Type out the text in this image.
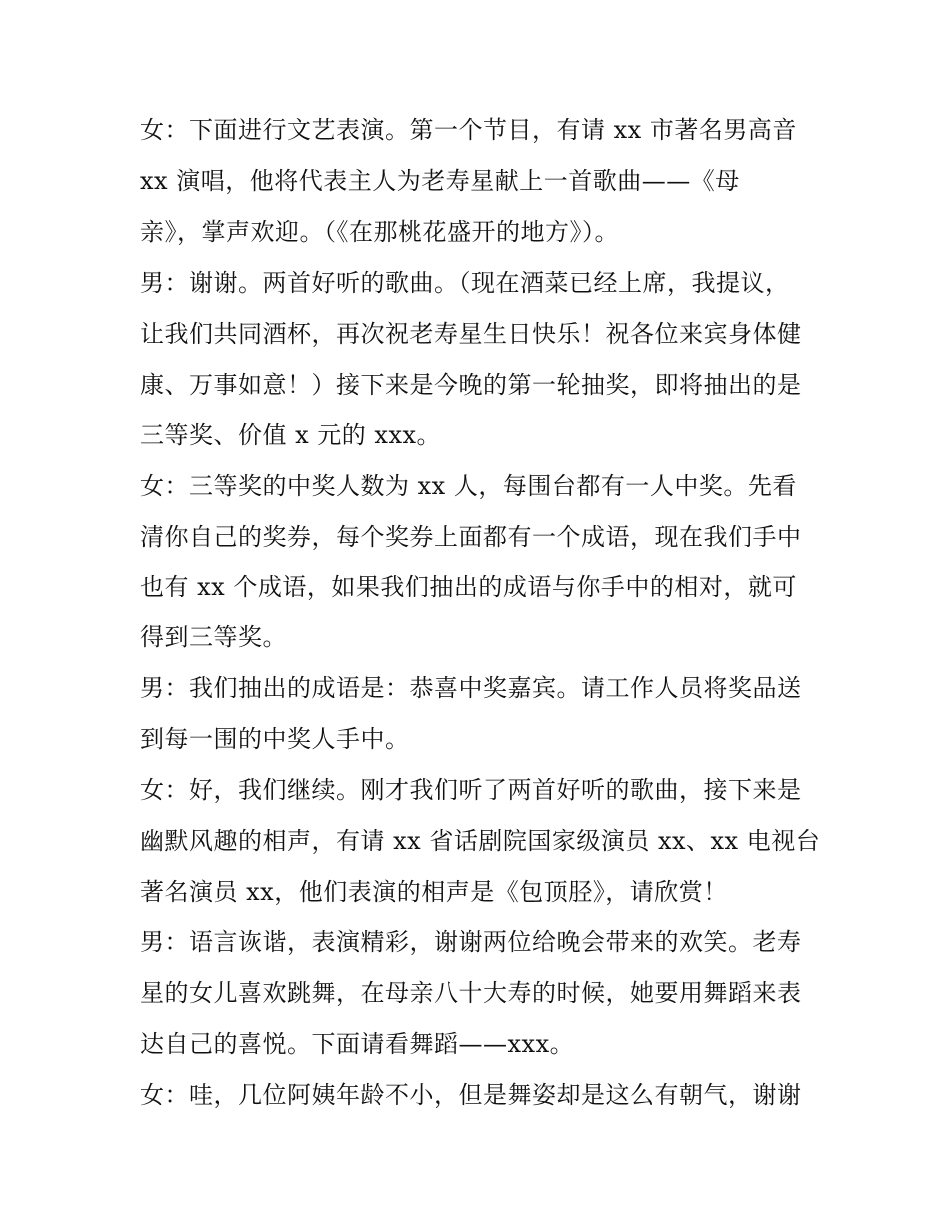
女：下面进行文艺表演。第一个节目，有请 xx 市著名男高音
xx 演唱，他将代表主人为老寿星献上一首歌曲——《母
亲》，掌声欢迎。（《在那桃花盛开的地方》）。
男：谢谢。两首好听的歌曲。（现在酒菜已经上席，我提议，
让我们共同酒杯，再次祝老寿星生日快乐！祝各位来宾身体健
康、万事如意！）接下来是今晚的第一轮抽奖，即将抽出的是
三等奖、价值 x 元的 xxx。
女：三等奖的中奖人数为 xx 人，每围台都有一人中奖。先看
清你自己的奖券，每个奖券上面都有一个成语，现在我们手中
也有 xx 个成语，如果我们抽出的成语与你手中的相对，就可
得到三等奖。
男：我们抽出的成语是：恭喜中奖嘉宾。请工作人员将奖品送
到每一围的中奖人手中。
女：好，我们继续。刚才我们听了两首好听的歌曲，接下来是
幽默风趣的相声，有请 xx 省话剧院国家级演员 xx、xx 电视台
著名演员 xx，他们表演的相声是《包顶胫》，请欣赏！
男：语言诙谐，表演精彩，谢谢两位给晚会带来的欢笑。老寿
星的女儿喜欢跳舞，在母亲八十大寿的时候，她要用舞蹈来表
达自己的喜悦。下面请看舞蹈——xxx。
女：哇，几位阿姨年龄不小，但是舞姿却是这么有朝气，谢谢
